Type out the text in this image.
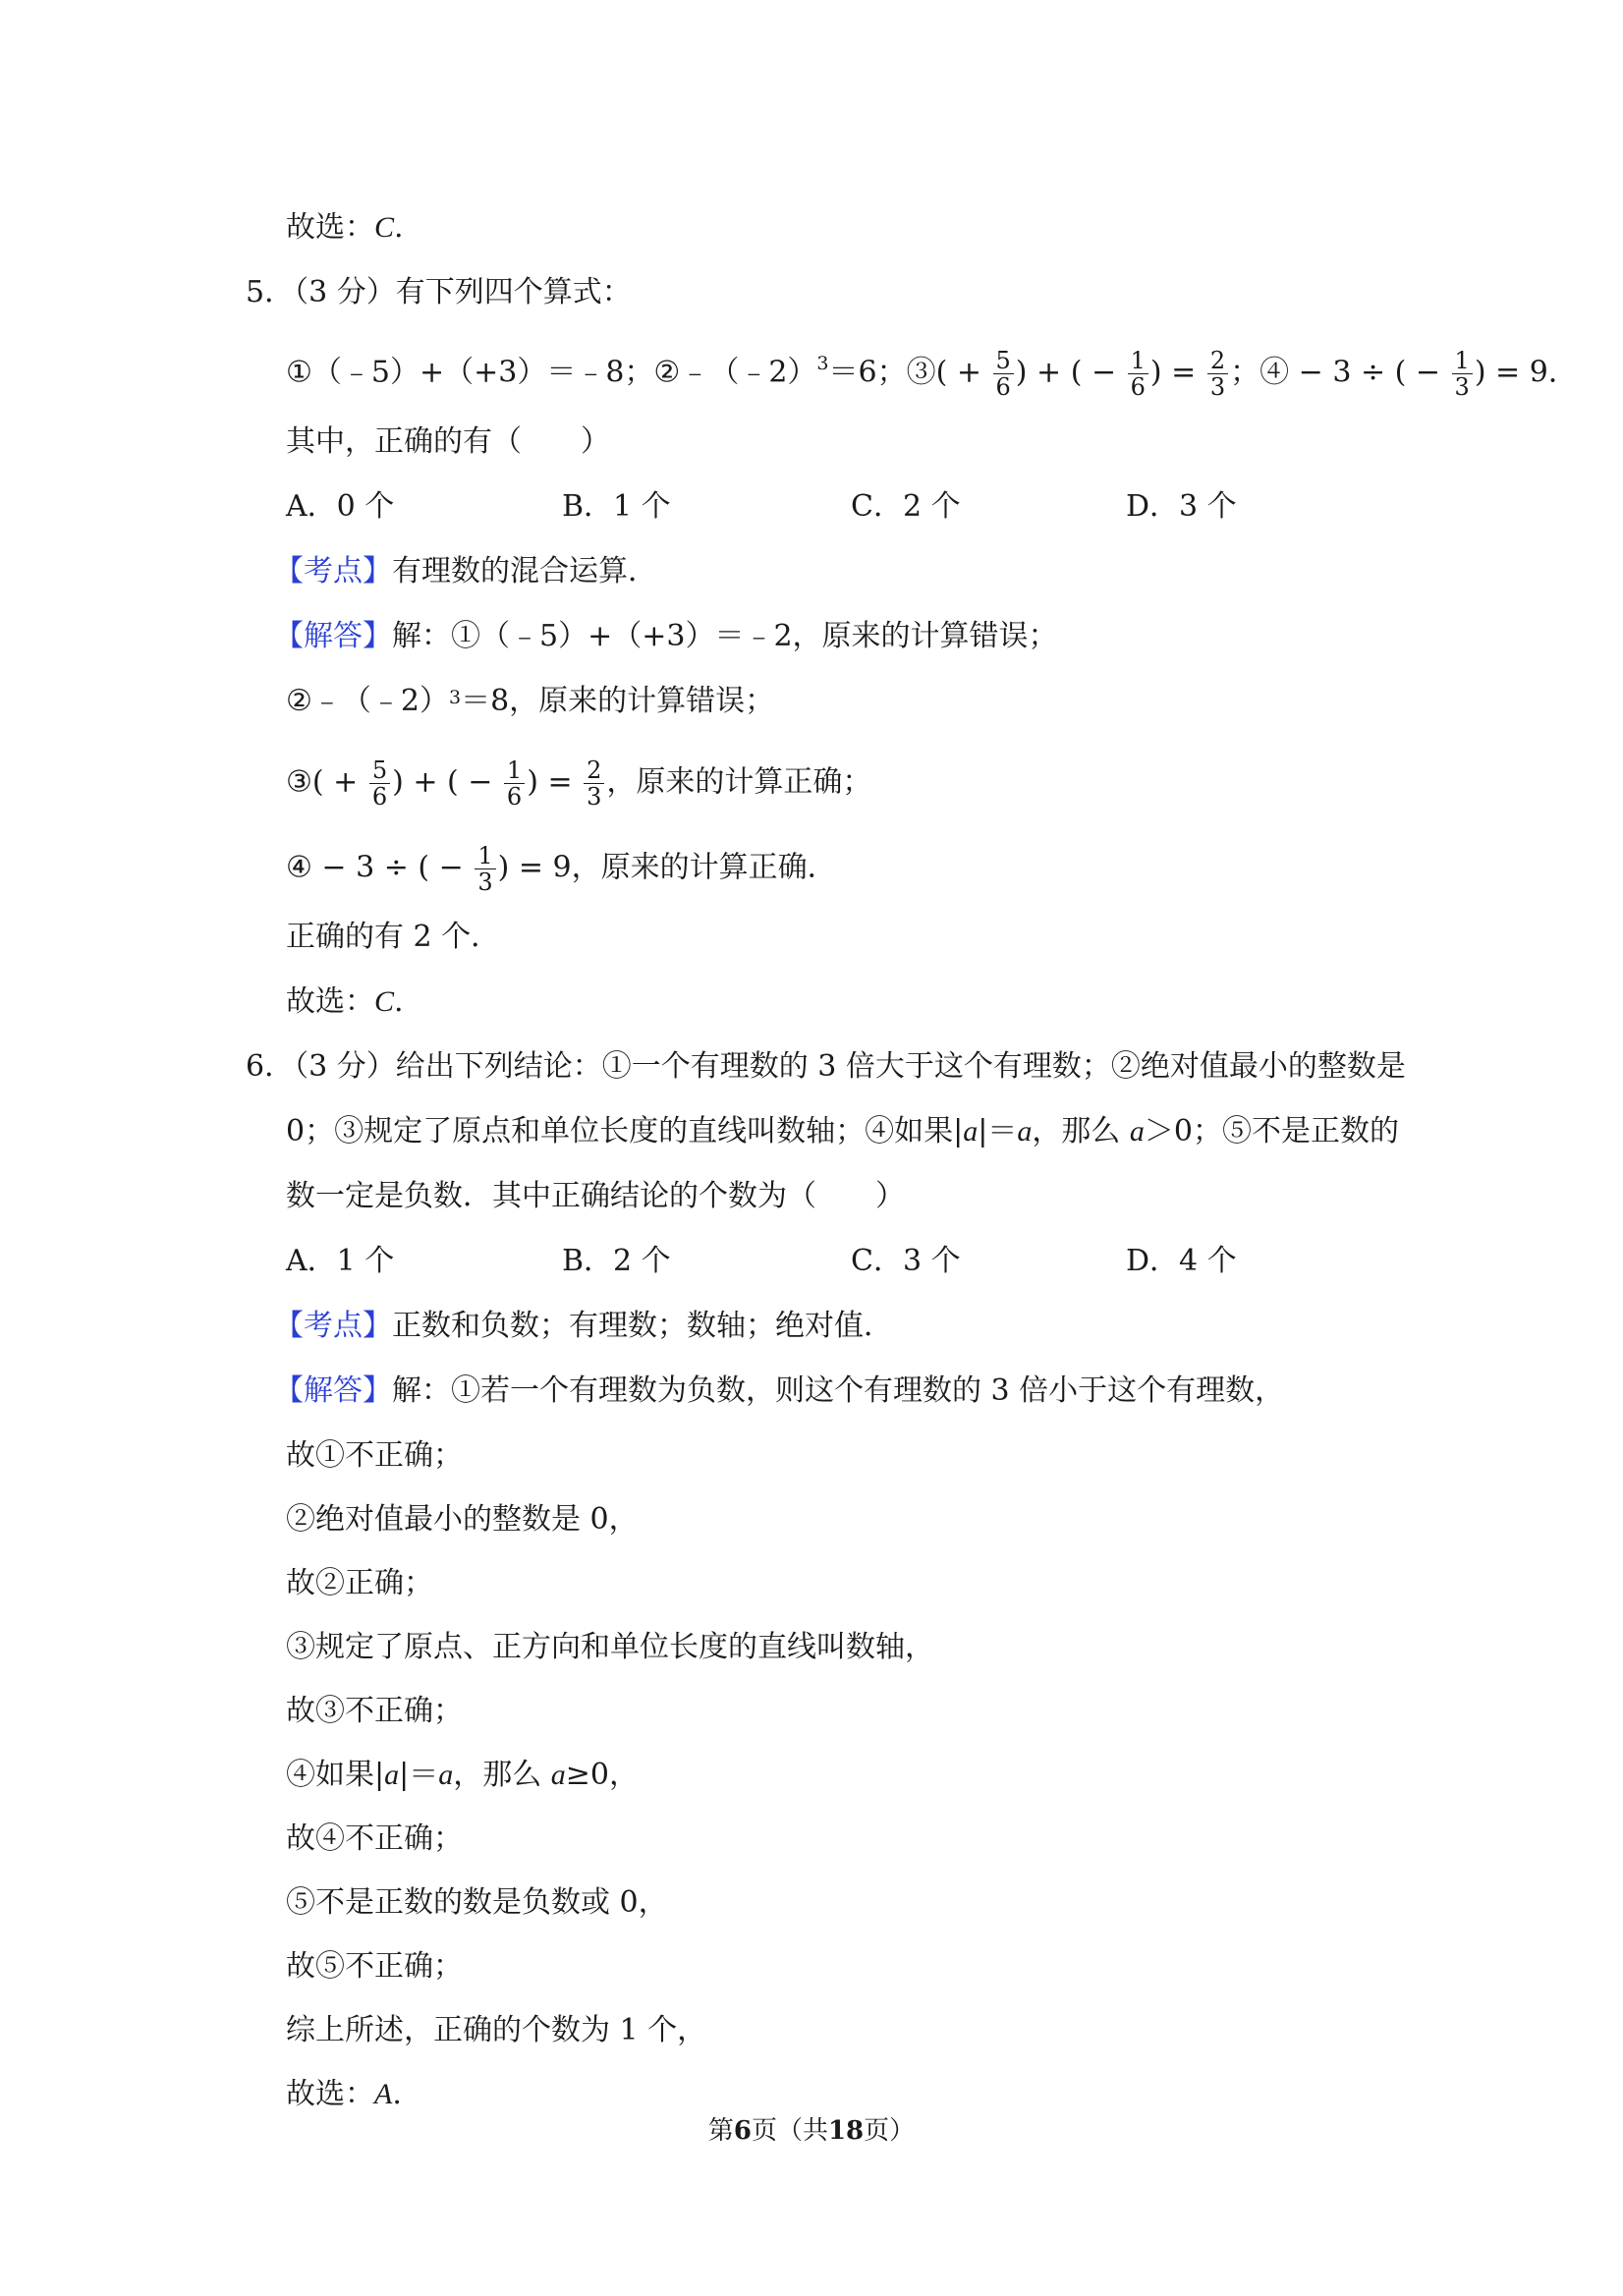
故选：C.
5．（3 分）有下列四个算式：
①（﹣5）+（+3）＝﹣8；②﹣（﹣2）$^3$＝6；③( + $\frac{5}{6}$ ) + ( − $\frac{1}{6}$ ) = $\frac{2}{3}$ ；④ − 3 ÷ ( − $\frac{1}{3}$ ) = 9．
其中，正确的有（　　）
A．0 个	B．1 个	C．2 个	D．3 个
【考点】有理数的混合运算．
【解答】解：①（﹣5）+（+3）＝﹣2，原来的计算错误；
②﹣（﹣2）$^3$＝8，原来的计算错误；
③( + $\frac{5}{6}$ ) + ( − $\frac{1}{6}$ ) = $\frac{2}{3}$ ，原来的计算正确；
④ − 3 ÷ ( − $\frac{1}{3}$ ) = 9，原来的计算正确．
正确的有 2 个．
故选：C.
6．（3 分）给出下列结论：①一个有理数的 3 倍大于这个有理数；②绝对值最小的整数是
0；③规定了原点和单位长度的直线叫数轴；④如果|a|＝a，那么 a＞0；⑤不是正数的
数一定是负数．其中正确结论的个数为（　　）
A．1 个	B．2 个	C．3 个	D．4 个
【考点】正数和负数；有理数；数轴；绝对值．
【解答】解：①若一个有理数为负数，则这个有理数的 3 倍小于这个有理数，
故①不正确；
②绝对值最小的整数是 0，
故②正确；
③规定了原点、正方向和单位长度的直线叫数轴，
故③不正确；
④如果|a|＝a，那么 a≥0，
故④不正确；
⑤不是正数的数是负数或 0，
故⑤不正确；
综上所述，正确的个数为 1 个，
故选：A.
第6页（共18页）
